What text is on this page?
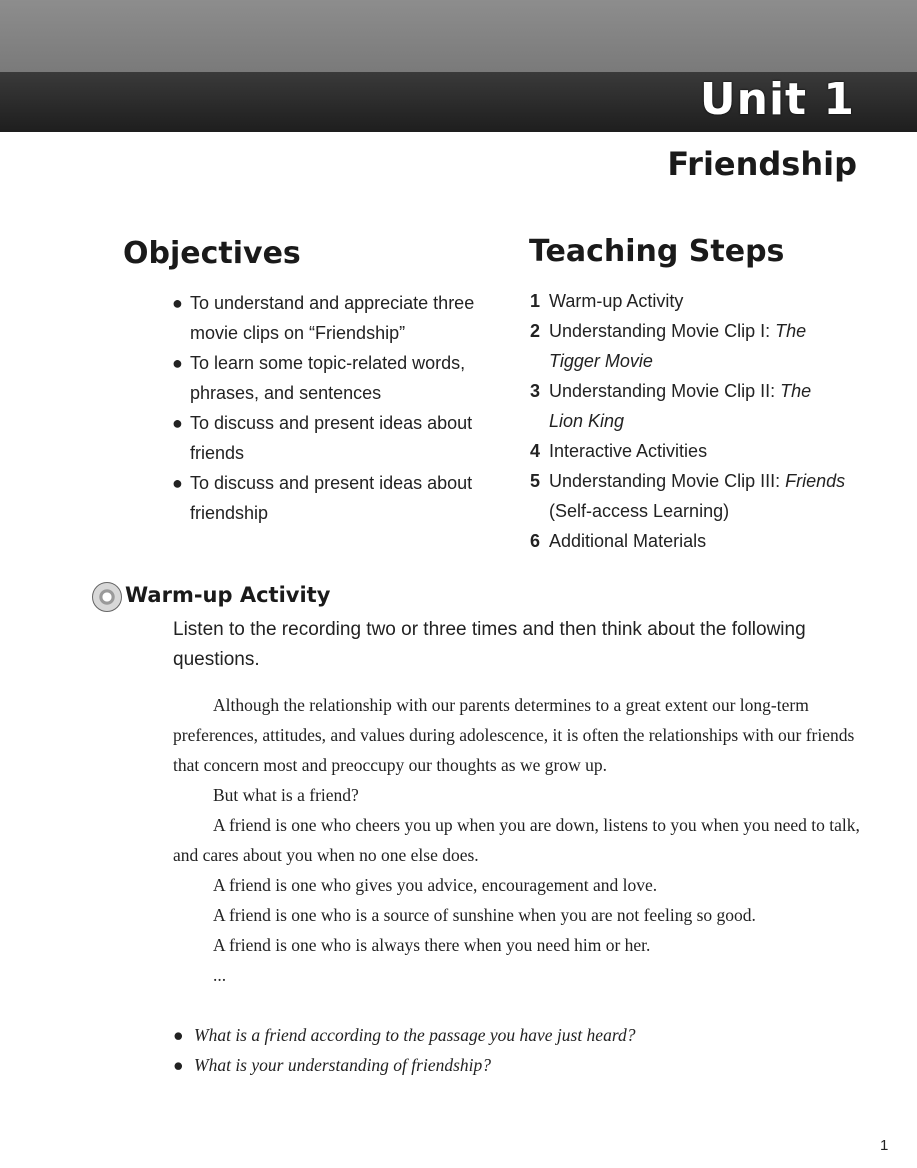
Unit 1
Friendship
Objectives
● To understand and appreciate three movie clips on “Friendship”
● To learn some topic-related words, phrases, and sentences
● To discuss and present ideas about friends
● To discuss and present ideas about friendship
Teaching Steps
1 Warm-up Activity
2 Understanding Movie Clip I: The Tigger Movie
3 Understanding Movie Clip II: The Lion King
4 Interactive Activities
5 Understanding Movie Clip III: Friends (Self-access Learning)
6 Additional Materials
Warm-up Activity
Listen to the recording two or three times and then think about the following questions.

Although the relationship with our parents determines to a great extent our long-term preferences, attitudes, and values during adolescence, it is often the relationships with our friends that concern most and preoccupy our thoughts as we grow up.

But what is a friend?

A friend is one who cheers you up when you are down, listens to you when you need to talk, and cares about you when no one else does.

A friend is one who gives you advice, encouragement and love.

A friend is one who is a source of sunshine when you are not feeling so good.

A friend is one who is always there when you need him or her.

...

● What is a friend according to the passage you have just heard?
● What is your understanding of friendship?
1
